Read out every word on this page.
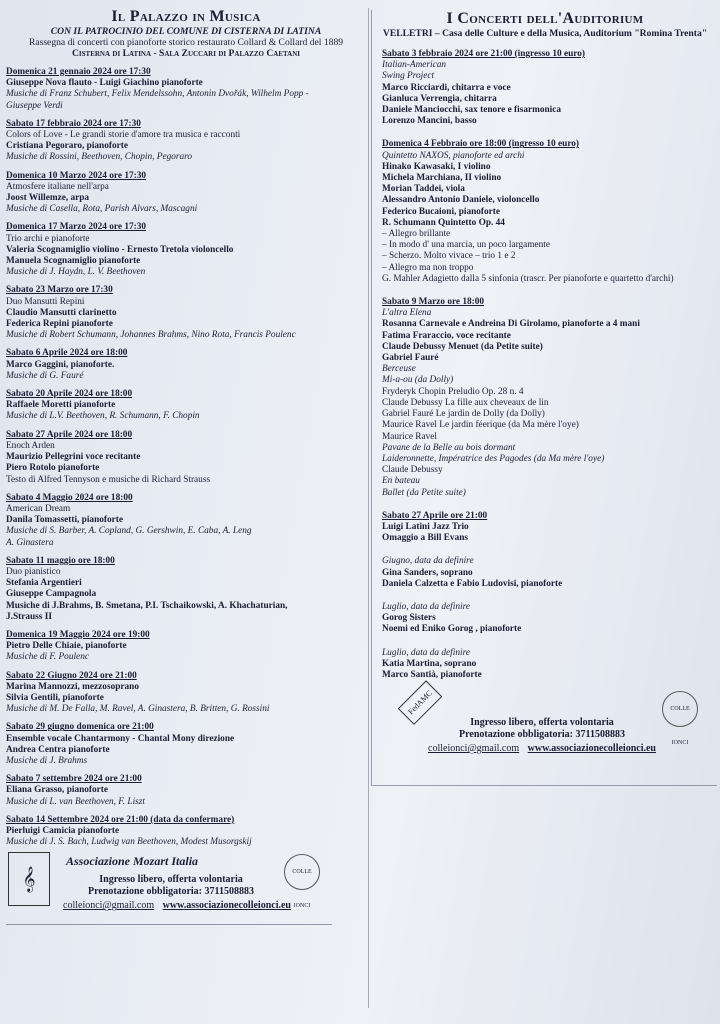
Il Palazzo in Musica
CON IL PATROCINIO DEL COMUNE DI CISTERNA DI LATINA
Rassegna di concerti con pianoforte storico restaurato Collard & Collard del 1889
Cisterna di Latina - Sala Zuccari di Palazzo Caetani
Domenica 21 gennaio 2024 ore 17:30
Giuseppe Nova flauto - Luigi Giachino pianoforte
Musiche di Franz Schubert, Felix Mendelssohn, Antonin Dvořák, Wilhelm Popp -
Giuseppe Verdi
Sabato 17 febbraio 2024 ore 17:30
Colors of Love - Le grandi storie d'amore tra musica e racconti
Cristiana Pegoraro, pianoforte
Musiche di Rossini, Beethoven, Chopin, Pegoraro
Domenica 10 Marzo 2024 ore 17:30
Atmosfere italiane nell'arpa
Joost Willemze, arpa
Musiche di Casella, Rota, Parish Alvars, Mascagni
Domenica 17 Marzo 2024 ore 17:30
Trio archi e pianoforte
Valeria Scognamiglio violino - Ernesto Tretola violoncello
Manuela Scognamiglio pianoforte
Musiche di J. Haydn, L. V. Beethoven
Sabato 23 Marzo ore 17:30
Duo Mansutti Repini
Claudio Mansutti clarinetto
Federica Repini pianoforte
Musiche di Robert Schumann, Johannes Brahms, Nino Rota, Francis Poulenc
Sabato 6 Aprile 2024 ore 18:00
Marco Gaggini, pianoforte.
Musiche di G. Fauré
Sabato 20 Aprile 2024 ore 18:00
Raffaele Moretti pianoforte
Musiche di L.V. Beethoven, R. Schumann, F. Chopin
Sabato 27 Aprile 2024 ore 18:00
Enoch Arden
Maurizio Pellegrini voce recitante
Piero Rotolo pianoforte
Testo di Alfred Tennyson e musiche di Richard Strauss
Sabato 4 Maggio 2024 ore 18:00
American Dream
Danila Tomassetti, pianoforte
Musiche di S. Barber, A. Copland, G. Gershwin, E. Caba, A. Leng
A. Ginastera
Sabato 11 maggio ore 18:00
Duo pianistico
Stefania Argentieri
Giuseppe Campagnola
Musiche di J.Brahms, B. Smetana, P.I. Tschaikowski, A. Khachaturian,
J.Strauss II
Domenica 19 Maggio 2024 ore 19:00
Pietro Delle Chiaie, pianoforte
Musiche di F. Poulenc
Sabato 22 Giugno 2024 ore 21:00
Marina Mannozzi, mezzosoprano
Silvia Gentili, pianoforte
Musiche di M. De Falla, M. Ravel, A. Ginastera, B. Britten, G. Rossini
Sabato 29 giugno domenica ore 21:00
Ensemble vocale Chantarmony - Chantal Mony direzione
Andrea Centra pianoforte
Musiche di J. Brahms
Sabato 7 settembre 2024 ore 21:00
Eliana Grasso, pianoforte
Musiche di L. van Beethoven, F. Liszt
Sabato 14 Settembre 2024 ore 21:00 (data da confermare)
Pierluigi Camicia pianoforte
Musiche di J. S. Bach, Ludwig van Beethoven, Modest Musorgskij
𝄞
Associazione Mozart Italia
Ingresso libero, offerta volontaria
Prenotazione obbligatoria: 3711508883
colleionci@gmail.com www.associazionecolleionci.eu
COLLE IONCI
I Concerti dell'Auditorium
VELLETRI – Casa delle Culture e della Musica, Auditorium "Romina Trenta"
Sabato 3 febbraio 2024 ore 21:00 (ingresso 10 euro)
Italian-American
Swing Project
Marco Ricciardi, chitarra e voce
Gianluca Verrengia, chitarra
Daniele Manciocchi, sax tenore e fisarmonica
Lorenzo Mancini, basso
Domenica 4 Febbraio ore 18:00 (ingresso 10 euro)
Quintetto NAXOS, pianoforte ed archi
Hinako Kawasaki, I violino
Michela Marchiana, II violino
Morian Taddei, viola
Alessandro Antonio Daniele, violoncello
Federico Bucaioni, pianoforte
R. Schumann Quintetto Op. 44
– Allegro brillante
– In modo d' una marcia, un poco largamente
– Scherzo. Molto vivace – trio 1 e 2
– Allegro ma non troppo
G. Mahler Adagietto dalla 5 sinfonia (trascr. Per pianoforte e quartetto d'archi)
Sabato 9 Marzo ore 18:00
L'altra Elena
Rosanna Carnevale e Andreina Di Girolamo, pianoforte a 4 mani
Fatima Fraraccio, voce recitante
Claude Debussy Menuet (da Petite suite)
Gabriel Fauré
Berceuse
Mi-a-ou (da Dolly)
Fryderyk Chopin Preludio Op. 28 n. 4
Claude Debussy La fille aux cheveaux de lin
Gabriel Fauré Le jardin de Dolly (da Dolly)
Maurice Ravel Le jardin féerique (da Ma mère l'oye)
Maurice Ravel
Pavane de la Belle au bois dormant
Laideronnette, Impératrice des Pagodes (da Ma mère l'oye)
Claude Debussy
En bateau
Ballet (da Petite suite)
Sabato 27 Aprile ore 21:00
Luigi Latini Jazz Trio
Omaggio a Bill Evans
Giugno, data da definire
Gina Sanders, soprano
Daniela Calzetta e Fabio Ludovisi, pianoforte
Luglio, data da definire
Gorog Sisters
Noemi ed Eniko Gorog , pianoforte
Luglio, data da definire
Katia Martina, soprano
Marco Santià, pianoforte
FedAMC	COLLE IONCI
Ingresso libero, offerta volontaria
Prenotazione obbligatoria: 3711508883
colleionci@gmail.com www.associazionecolleionci.eu
